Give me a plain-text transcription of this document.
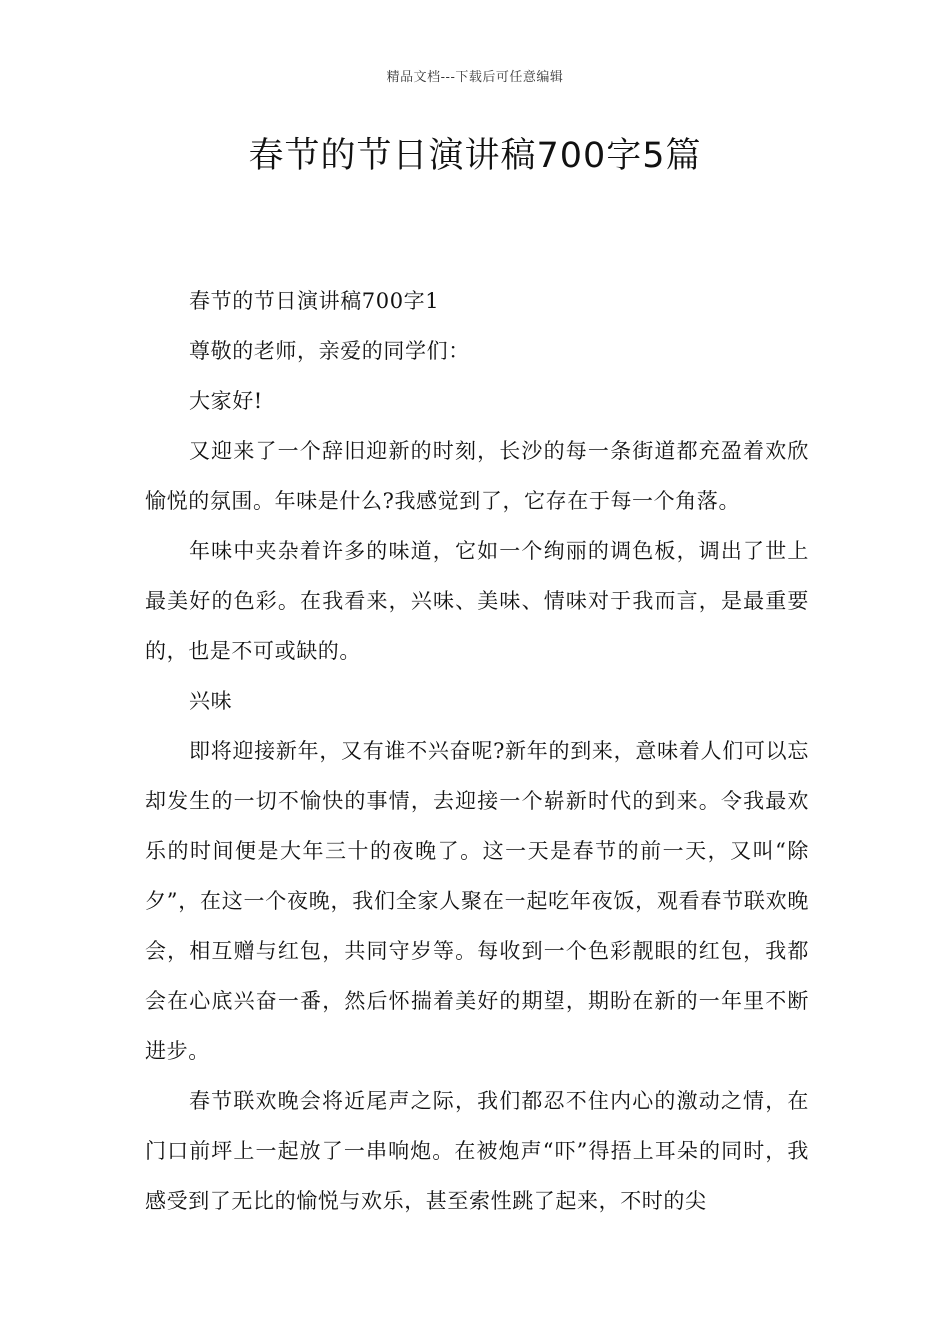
精品文档---下载后可任意编辑
春节的节日演讲稿700字5篇

春节的节日演讲稿700字1

尊敬的老师，亲爱的同学们：

大家好!

又迎来了一个辞旧迎新的时刻，长沙的每一条街道都充盈着欢欣愉悦的氛围。年味是什么?我感觉到了，它存在于每一个角落。

年味中夹杂着许多的味道，它如一个绚丽的调色板，调出了世上最美好的色彩。在我看来，兴味、美味、情味对于我而言，是最重要的，也是不可或缺的。

兴味

即将迎接新年，又有谁不兴奋呢?新年的到来，意味着人们可以忘却发生的一切不愉快的事情，去迎接一个崭新时代的到来。令我最欢乐的时间便是大年三十的夜晚了。这一天是春节的前一天，又叫“除夕”，在这一个夜晚，我们全家人聚在一起吃年夜饭，观看春节联欢晚会，相互赠与红包，共同守岁等。每收到一个色彩靓眼的红包，我都会在心底兴奋一番，然后怀揣着美好的期望，期盼在新的一年里不断进步。

春节联欢晚会将近尾声之际，我们都忍不住内心的激动之情，在门口前坪上一起放了一串响炮。在被炮声“吓”得捂上耳朵的同时，我感受到了无比的愉悦与欢乐，甚至索性跳了起来，不时的尖
